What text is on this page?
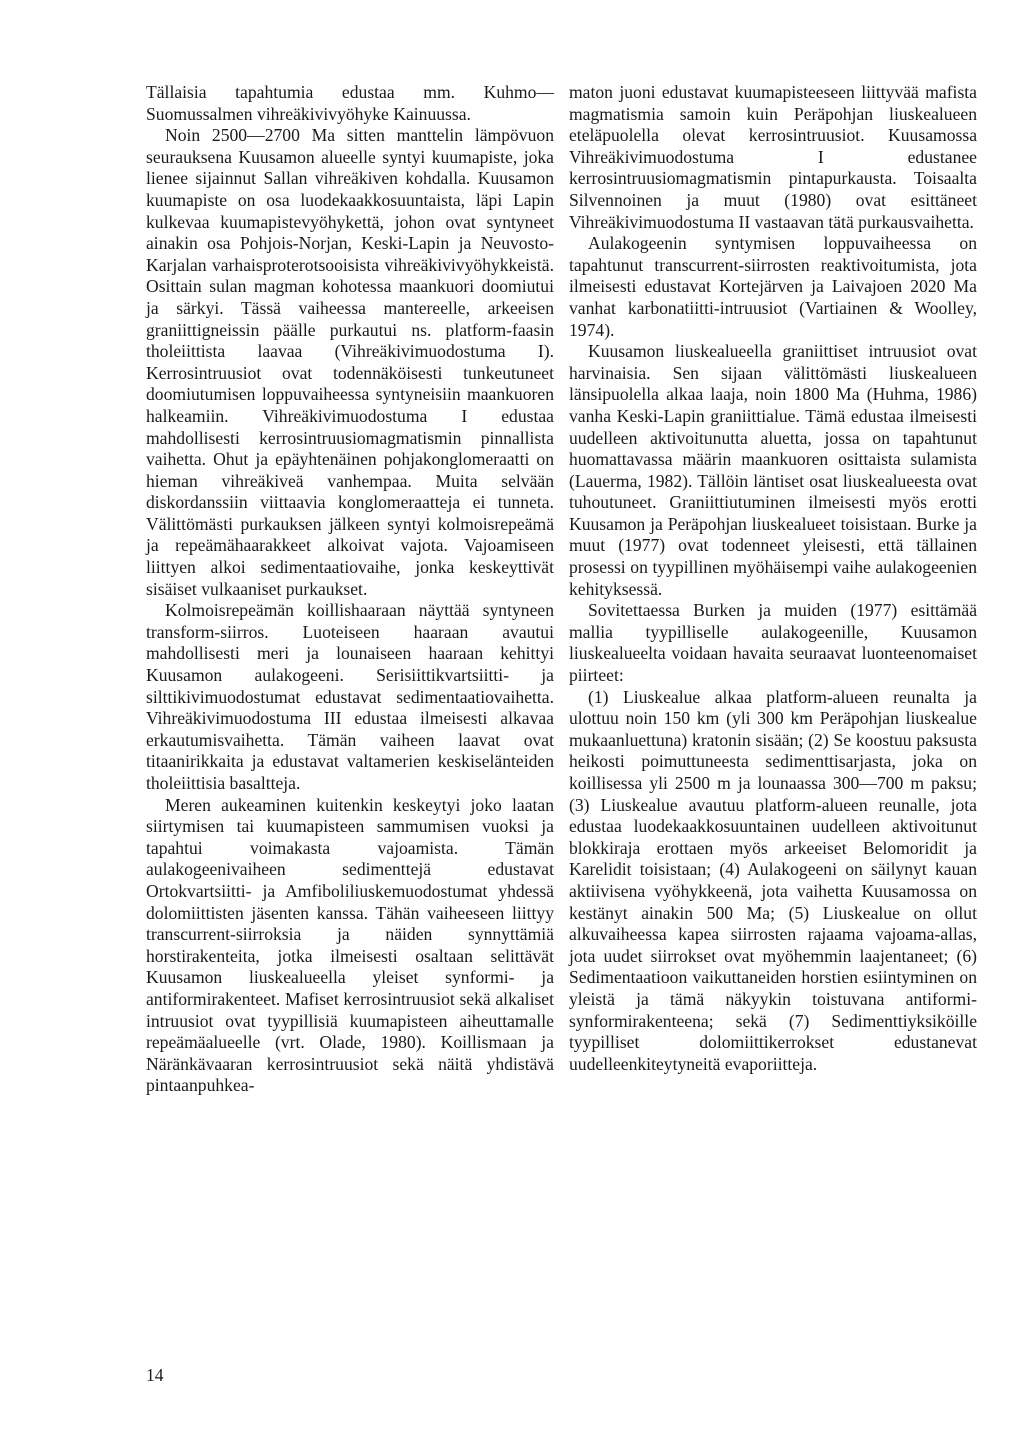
Tällaisia tapahtumia edustaa mm. Kuhmo—Suomussalmen vihreäkivivyöhyke Kainuussa.

Noin 2500—2700 Ma sitten manttelin lämpövuon seurauksena Kuusamon alueelle syntyi kuumapiste, joka lienee sijainnut Sallan vihreäkiven kohdalla. Kuusamon kuumapiste on osa luodekaakkosuuntaista, läpi Lapin kulkevaa kuumapistevyöhykettä, johon ovat syntyneet ainakin osa Pohjois-Norjan, Keski-Lapin ja Neuvosto-Karjalan varhaisproterotsooisista vihreäkivivyöhykkeistä. Osittain sulan magman kohotessa maankuori doomiutui ja särkyi. Tässä vaiheessa mantereelle, arkeeisen graniittigneissin päälle purkautui ns. platform-faasin tholeiittista laavaa (Vihreäkivimuodostuma I). Kerrosintruusiot ovat todennäköisesti tunkeutuneet doomiutumisen loppuvaiheessa syntyneisiin maankuoren halkeamiin. Vihreäkivimuodostuma I edustaa mahdollisesti kerrosintruusiomagmatismin pinnallista vaihetta. Ohut ja epäyhtenäinen pohjakonglomeraatti on hieman vihreäkiveä vanhempaa. Muita selvään diskordanssiin viittaavia konglomeraatteja ei tunneta. Välittömästi purkauksen jälkeen syntyi kolmoisrepeämä ja repeämähaarakkeet alkoivat vajota. Vajoamiseen liittyen alkoi sedimentaatiovaihe, jonka keskeyttivät sisäiset vulkaaniset purkaukset.

Kolmoisrepeämän koillishaaraan näyttää syntyneen transform-siirros. Luoteiseen haaraan avautui mahdollisesti meri ja lounaiseen haaraan kehittyi Kuusamon aulakogeeni. Serisiittikvartsiitti- ja silttikivimuodostumat edustavat sedimentaatiovaihetta. Vihreäkivimuodostuma III edustaa ilmeisesti alkavaa erkautumisvaihetta. Tämän vaiheen laavat ovat titaanirikkaita ja edustavat valtamerien keskiselänteiden tholeiittisia basaltteja.

Meren aukeaminen kuitenkin keskeytyi joko laatan siirtymisen tai kuumapisteen sammumisen vuoksi ja tapahtui voimakasta vajoamista. Tämän aulakogeenivaiheen sedimenttejä edustavat Ortokvartsiitti- ja Amfiboliliuskemuodostumat yhdessä dolomiittisten jäsenten kanssa. Tähän vaiheeseen liittyy transcurrent-siirroksia ja näiden synnyttämiä horstirakenteita, jotka ilmeisesti osaltaan selittävät Kuusamon liuskealueella yleiset synformi- ja antiformirakenteet. Mafiset kerrosintruusiot sekä alkaliset intruusiot ovat tyypillisiä kuumapisteen aiheuttamalle repeämäalueelle (vrt. Olade, 1980). Koillismaan ja Näränkävaaran kerrosintruusiot sekä näitä yhdistävä pintaanpuhkea-

maton juoni edustavat kuumapisteeseen liittyvää mafista magmatismia samoin kuin Peräpohjan liuskealueen eteläpuolella olevat kerrosintruusiot. Kuusamossa Vihreäkivimuodostuma I edustanee kerrosintruusiomagmatismin pintapurkausta. Toisaalta Silvennoinen ja muut (1980) ovat esittäneet Vihreäkivimuodostuma II vastaavan tätä purkausvaihetta.

Aulakogeenin syntymisen loppuvaiheessa on tapahtunut transcurrent-siirrosten reaktivoitumista, jota ilmeisesti edustavat Kortejärven ja Laivajoen 2020 Ma vanhat karbonatiitti-intruusiot (Vartiainen & Woolley, 1974).

Kuusamon liuskealueella graniittiset intruusiot ovat harvinaisia. Sen sijaan välittömästi liuskealueen länsipuolella alkaa laaja, noin 1800 Ma (Huhma, 1986) vanha Keski-Lapin graniittialue. Tämä edustaa ilmeisesti uudelleen aktivoitunutta aluetta, jossa on tapahtunut huomattavassa määrin maankuoren osittaista sulamista (Lauerma, 1982). Tällöin läntiset osat liuskealueesta ovat tuhoutuneet. Graniittiutuminen ilmeisesti myös erotti Kuusamon ja Peräpohjan liuskealueet toisistaan. Burke ja muut (1977) ovat todenneet yleisesti, että tällainen prosessi on tyypillinen myöhäisempi vaihe aulakogeenien kehityksessä.

Sovitettaessa Burken ja muiden (1977) esittämää mallia tyypilliselle aulakogeenille, Kuusamon liuskealueelta voidaan havaita seuraavat luonteenomaiset piirteet:

(1) Liuskealue alkaa platform-alueen reunalta ja ulottuu noin 150 km (yli 300 km Peräpohjan liuskealue mukaanluettuna) kratonin sisään; (2) Se koostuu paksusta heikosti poimuttuneesta sedimenttisarjasta, joka on koillisessa yli 2500 m ja lounaassa 300—700 m paksu; (3) Liuskealue avautuu platform-alueen reunalle, jota edustaa luodekaakkosuuntainen uudelleen aktivoitunut blokkiraja erottaen myös arkeeiset Belomoridit ja Karelidit toisistaan; (4) Aulakogeeni on säilynyt kauan aktiivisena vyöhykkeenä, jota vaihetta Kuusamossa on kestänyt ainakin 500 Ma; (5) Liuskealue on ollut alkuvaiheessa kapea siirrosten rajaama vajoama-allas, jota uudet siirrokset ovat myöhemmin laajentaneet; (6) Sedimentaatioon vaikuttaneiden horstien esiintyminen on yleistä ja tämä näkyykin toistuvana antiformi-synformirakenteena; sekä (7) Sedimenttiyksiköille tyypilliset dolomiittikerrokset edustanevat uudelleenkiteytyneitä evaporiitteja.

14
